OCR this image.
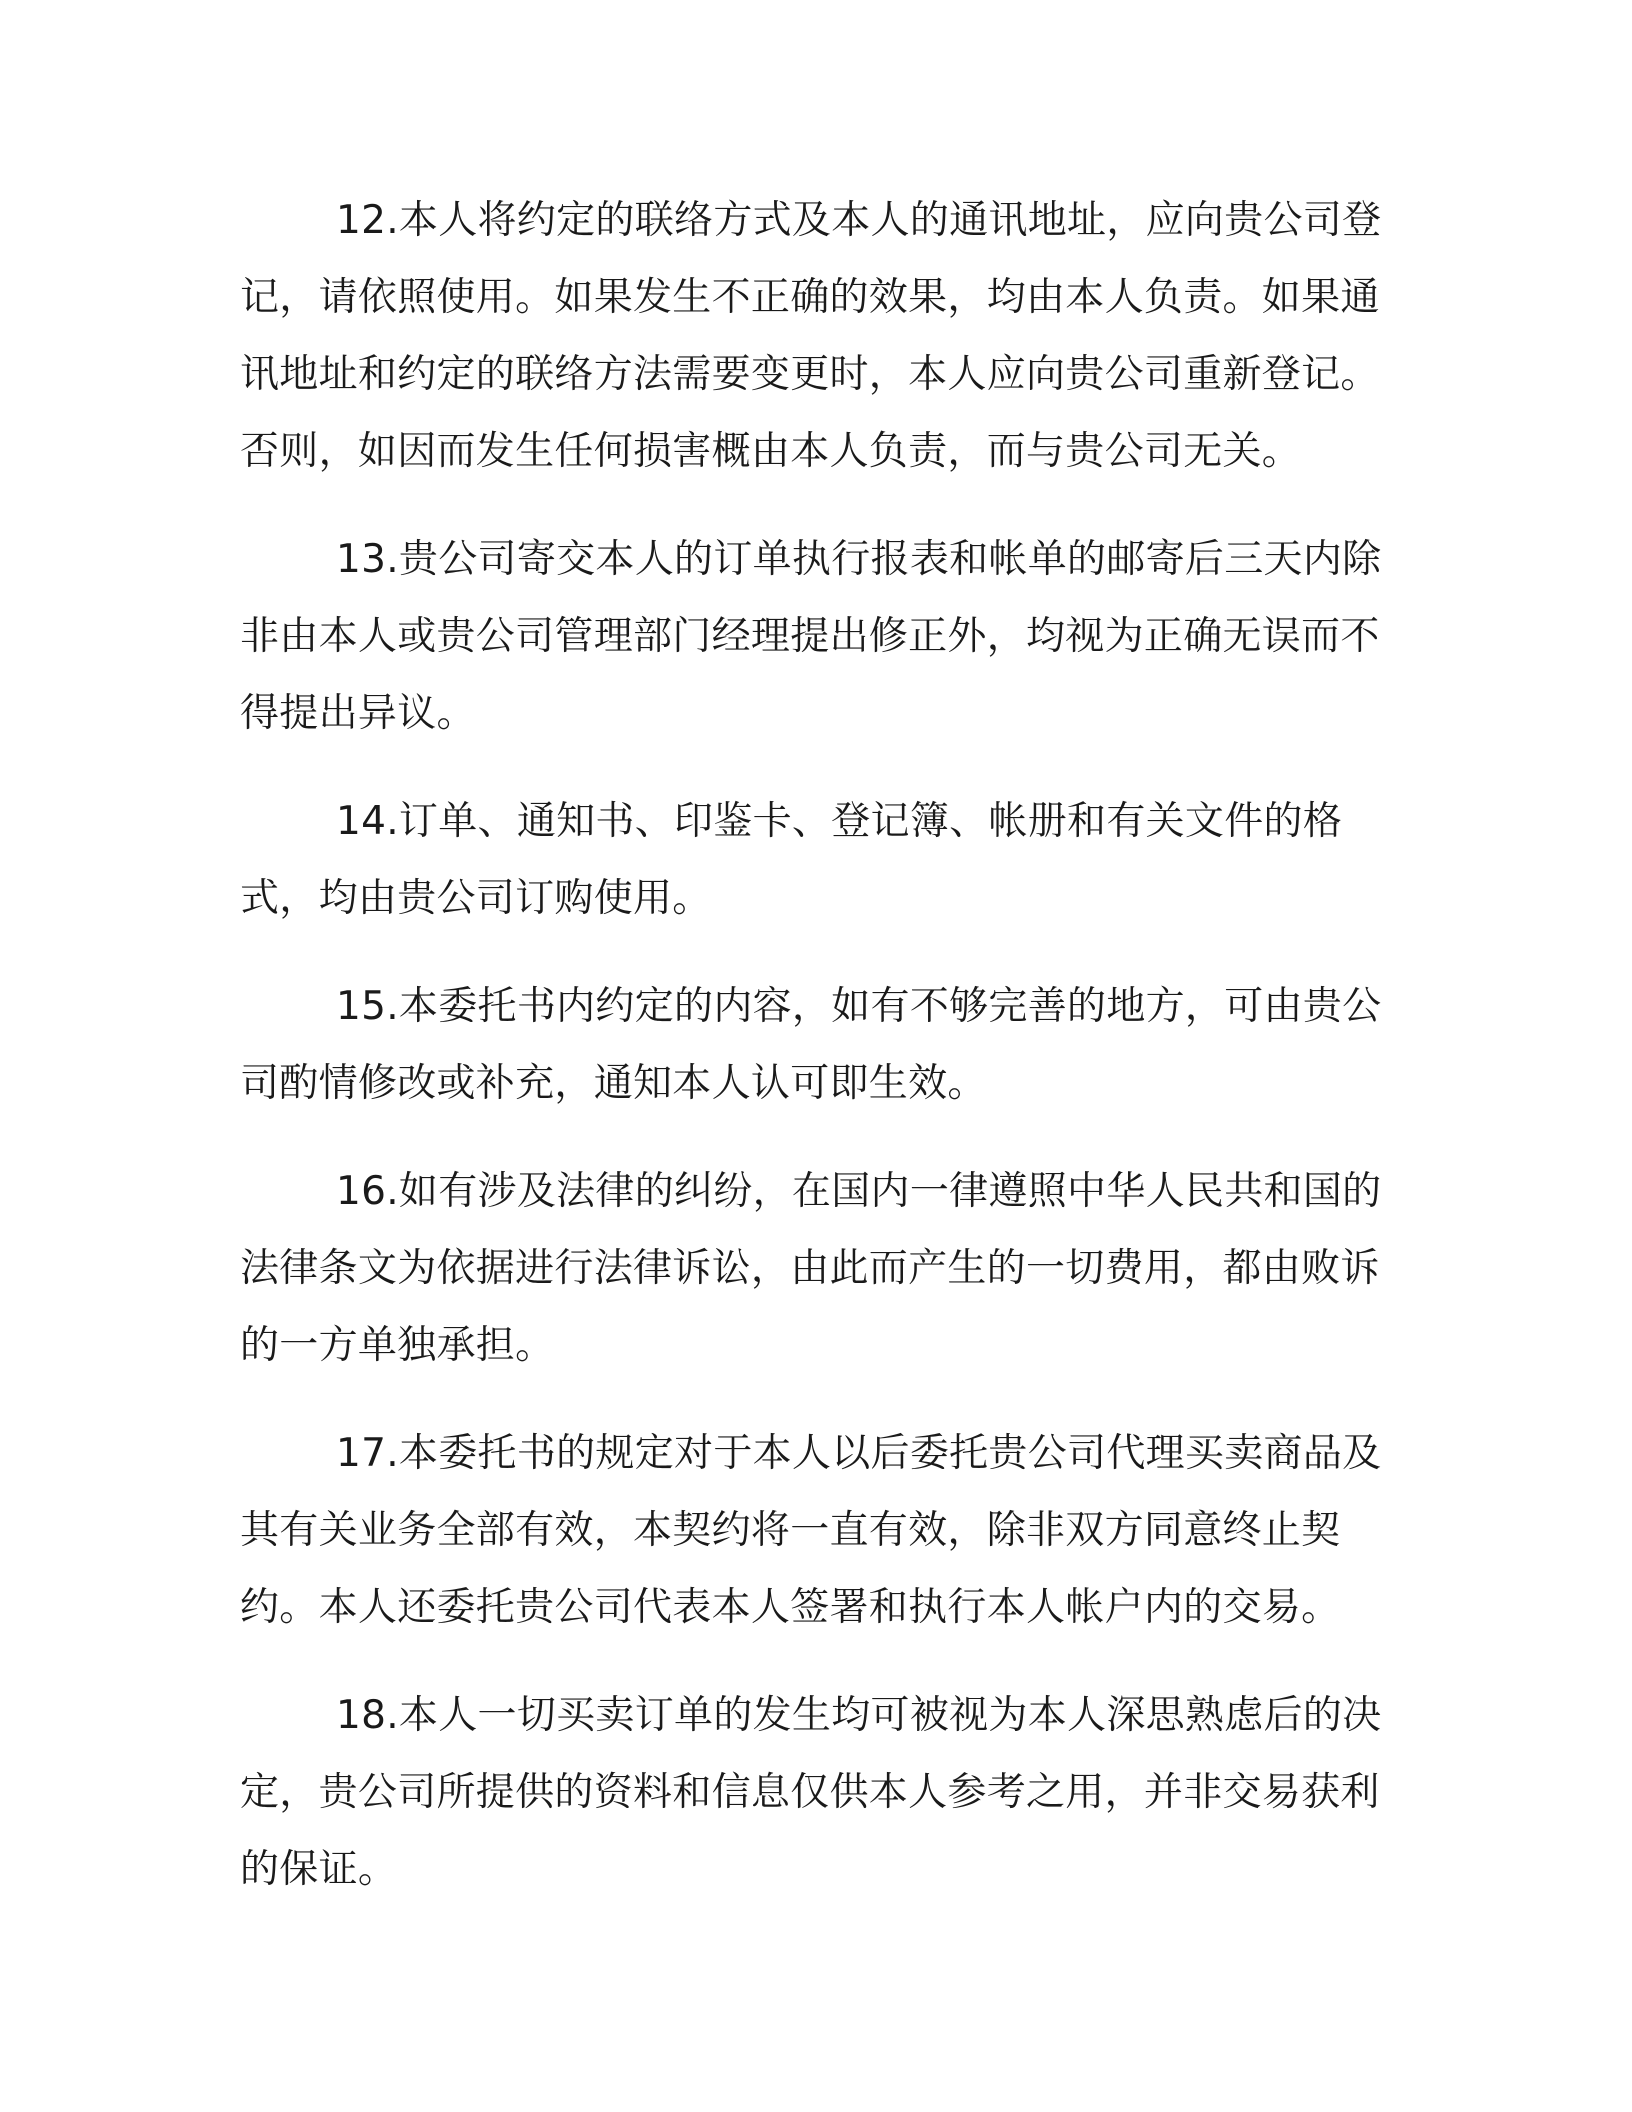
12.本人将约定的联络方式及本人的通讯地址，应向贵公司登记，请依照使用。如果发生不正确的效果，均由本人负责。如果通讯地址和约定的联络方法需要变更时，本人应向贵公司重新登记。否则，如因而发生任何损害概由本人负责，而与贵公司无关。

13.贵公司寄交本人的订单执行报表和帐单的邮寄后三天内除非由本人或贵公司管理部门经理提出修正外，均视为正确无误而不得提出异议。

14.订单、通知书、印鉴卡、登记簿、帐册和有关文件的格式，均由贵公司订购使用。

15.本委托书内约定的内容，如有不够完善的地方，可由贵公司酌情修改或补充，通知本人认可即生效。

16.如有涉及法律的纠纷，在国内一律遵照中华人民共和国的法律条文为依据进行法律诉讼，由此而产生的一切费用，都由败诉的一方单独承担。

17.本委托书的规定对于本人以后委托贵公司代理买卖商品及其有关业务全部有效，本契约将一直有效，除非双方同意终止契约。本人还委托贵公司代表本人签署和执行本人帐户内的交易。

18.本人一切买卖订单的发生均可被视为本人深思熟虑后的决定，贵公司所提供的资料和信息仅供本人参考之用，并非交易获利的保证。
